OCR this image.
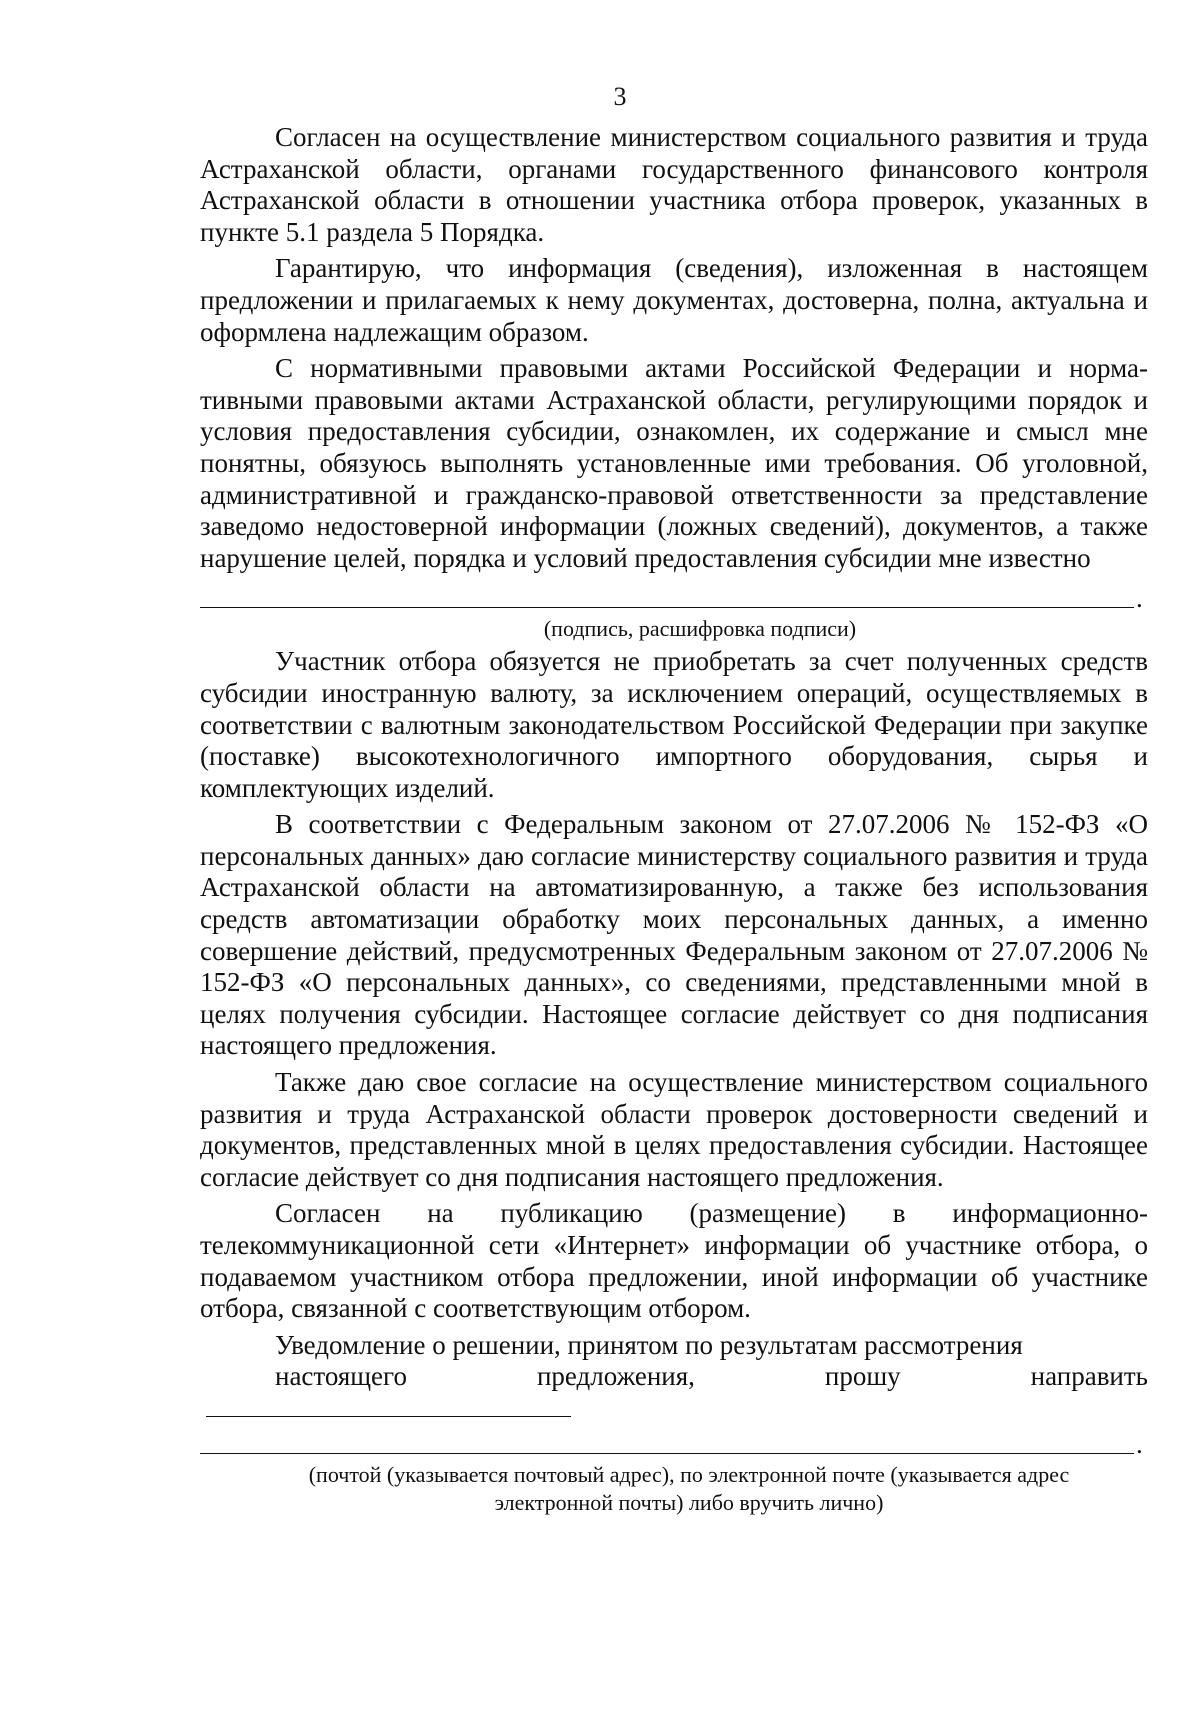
3

Согласен на осуществление министерством социального развития и труда Астраханской области, органами государственного финансового контроля Астраханской области в отношении участника отбора проверок, указанных в пункте 5.1 раздела 5 Порядка.

Гарантирую, что информация (сведения), изложенная в настоящем предложении и прилагаемых к нему документах, достоверна, полна, актуальна и оформлена надлежащим образом.

С нормативными правовыми актами Российской Федерации и нормативными правовыми актами Астраханской области, регулирующими порядок и условия предоставления субсидии, ознакомлен, их содержание и смысл мне понятны, обязуюсь выполнять установленные ими требования. Об уголовной, административной и гражданско-правовой ответственности за представление заведомо недостоверной информации (ложных сведений), документов, а также нарушение целей, порядка и условий предоставления субсидии мне известно

.
(подпись, расшифровка подписи)

Участник отбора обязуется не приобретать за счет полученных средств субсидии иностранную валюту, за исключением операций, осуществляемых в соответствии с валютным законодательством Российской Федерации при закупке (поставке) высокотехнологичного импортного оборудования, сырья и комплектующих изделий.

В соответствии с Федеральным законом от 27.07.2006 № 152-ФЗ «О персональных данных» даю согласие министерству социального развития и труда Астраханской области на автоматизированную, а также без использования средств автоматизации обработку моих персональных данных, а именно совершение действий, предусмотренных Федеральным законом от 27.07.2006 № 152-ФЗ «О персональных данных», со сведениями, представленными мной в целях получения субсидии. Настоящее согласие действует со дня подписания настоящего предложения.

Также даю свое согласие на осуществление министерством социального развития и труда Астраханской области проверок достоверности сведений и документов, представленных мной в целях предоставления субсидии. Настоящее согласие действует со дня подписания настоящего предложения.

Согласен на публикацию (размещение) в информационно-телекоммуникационной сети «Интернет» информации об участнике отбора, о подаваемом участником отбора предложении, иной информации об участнике отбора, связанной с соответствующим отбором.

Уведомление о решении, принятом по результатам рассмотрения

настоящего предложения, прошу направить

.
(почтой (указывается почтовый адрес), по электронной почте (указывается адрес
электронной почты) либо вручить лично)
